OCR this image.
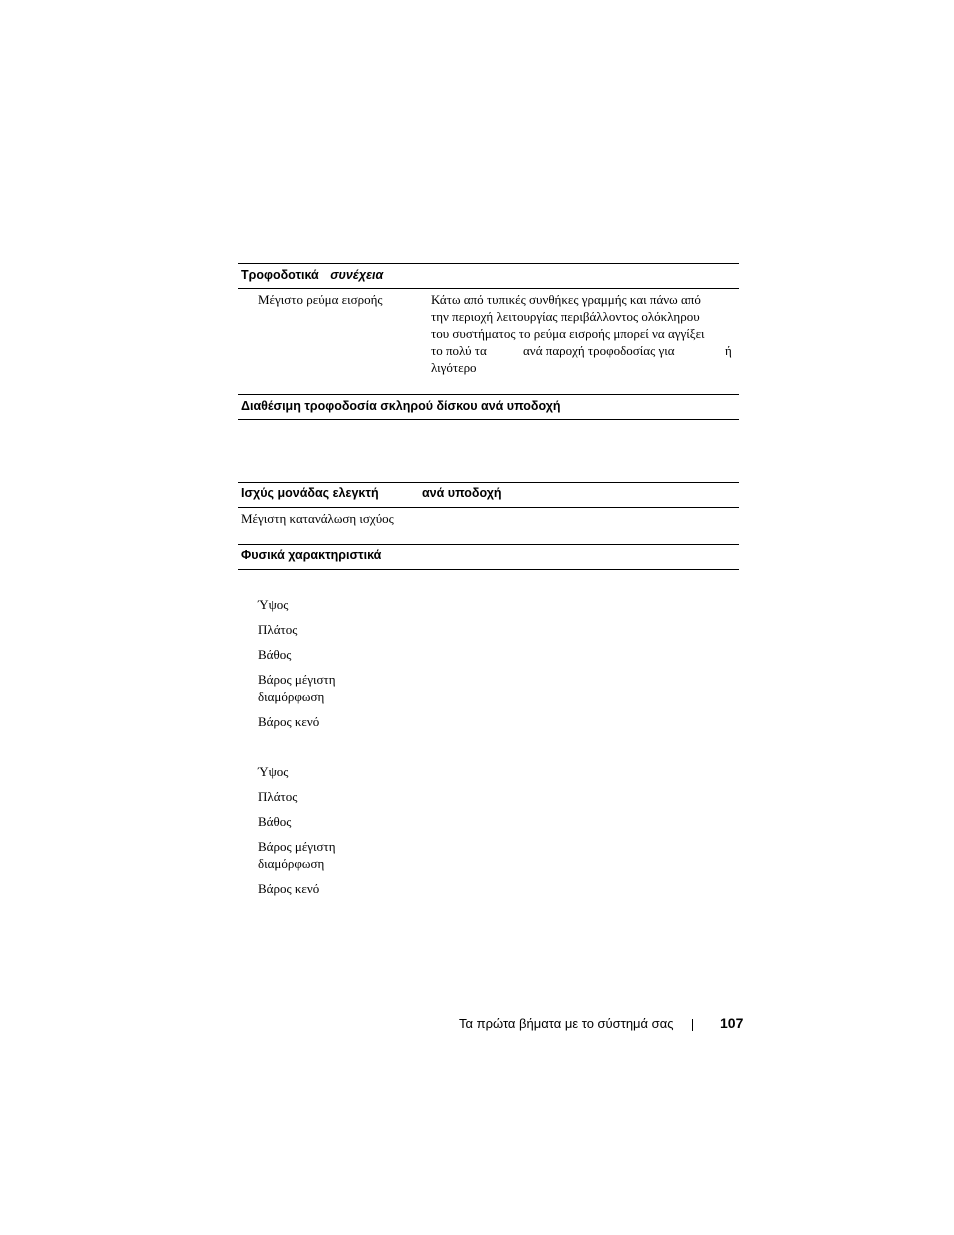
Τροφοδοτικά συνέχεια
Μέγιστο ρεύμα εισροής	Κάτω από τυπικές συνθήκες γραμμής και πάνω από
την περιοχή λειτουργίας περιβάλλοντος ολόκληρου
του συστήματος το ρεύμα εισροής μπορεί να αγγίξει
το πολύ τα	ανά παροχή τροφοδοσίας για	ή
λιγότερο
Διαθέσιμη τροφοδοσία σκληρού δίσκου ανά υποδοχή
Ισχύς μονάδας ελεγκτή	ανά υποδοχή
Μέγιστη κατανάλωση ισχύος
Φυσικά χαρακτηριστικά
Ύψος
Πλάτος
Βάθος
Βάρος μέγιστη
διαμόρφωση
Βάρος κενό
Ύψος
Πλάτος
Βάθος
Βάρος μέγιστη
διαμόρφωση
Βάρος κενό
Τα πρώτα βήματα με το σύστημά σας	107
